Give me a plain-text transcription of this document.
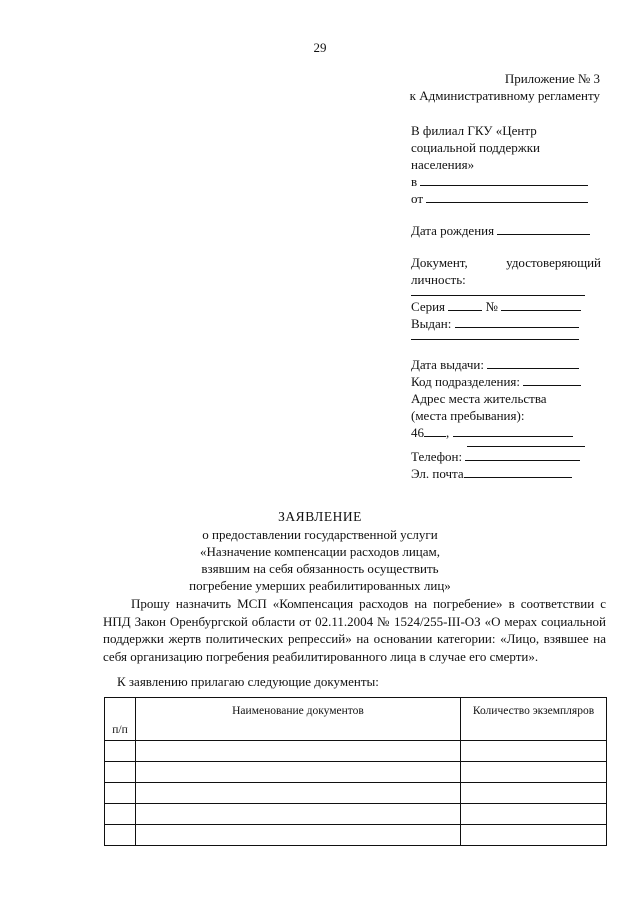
29
Приложение № 3
к Административному регламенту
В филиал ГКУ «Центр
социальной поддержки
населения»
в
от
Дата рождения
Документ,	удостоверяющий
личность:
Серия	№
Выдан:
Дата выдачи:
Код подразделения:
Адрес места жительства
(места пребывания):
46 ,
Телефон:
Эл. почта
ЗАЯВЛЕНИЕ
о предоставлении государственной услуги
«Назначение компенсации расходов лицам,
взявшим на себя обязанность осуществить
погребение умерших реабилитированных лиц»

Прошу назначить МСП «Компенсация расходов на погребение» в соответствии с НПД Закон Оренбургской области от 02.11.2004 № 1524/255-III-ОЗ «О мерах социальной поддержки жертв политических репрессий» на основании категории: «Лицо, взявшее на себя организацию погребения реабилитированного лица в случае его смерти».

К заявлению прилагаю следующие документы:
п/п	Наименование документов	Количество экземпляров
